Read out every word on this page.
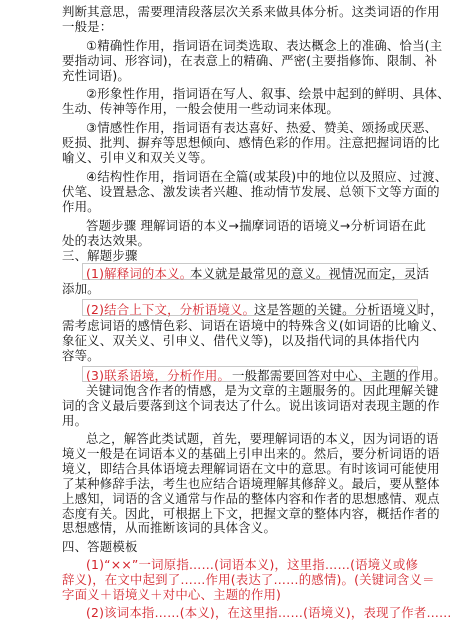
判断其意思，需要理清段落层次关系来做具体分析。这类词语的作用
一般是：
①精确性作用，指词语在词类选取、表达概念上的准确、恰当(主
要指动词、形容词)，在表意上的精确、严密(主要指修饰、限制、补
充性词语)。
②形象性作用，指词语在写人、叙事、绘景中起到的鲜明、具体、
生动、传神等作用，一般会使用一些动词来体现。
③情感性作用，指词语有表达喜好、热爱、赞美、颂扬或厌恶、
贬损、批判、摒弃等思想倾向、感情色彩的作用。注意把握词语的比
喻义、引申义和双关义等。
④结构性作用，指词语在全篇(或某段)中的地位以及照应、过渡、
伏笔、设置悬念、激发读者兴趣、推动情节发展、总领下文等方面的
作用。
答题步骤 理解词语的本义→揣摩词语的语境义→分析词语在此
处的表达效果。
三、解题步骤
(1)解释词的本义。
本义就是最常见的意义。视情况而定，灵活
添加。
(2)结合上下文，分析语境义。
这是答题的关键。分析语境义时，
需考虑词语的感情色彩、词语在语境中的特殊含义(如词语的比喻义、
象征义、双关义、引申义、借代义等)，以及指代词的具体指代内
容等。
(3)联系语境，分析作用。 一般都需要回答对中心、主题的作用。
关键词饱含作者的情感，是为文章的主题服务的。因此理解关键
词的含义最后要落到这个词表达了什么。说出该词语对表现主题的作
用。
总之，解答此类试题，首先，要理解词语的本义，因为词语的语
境义一般是在词语本义的基础上引申出来的。然后，要分析词语的语
境义，即结合具体语境去理解词语在文中的意思。有时该词可能使用
了某种修辞手法，考生也应结合语境理解其修辞义。最后，要从整体
上感知，词语的含义通常与作品的整体内容和作者的思想感情、观点
态度有关。因此，可根据上下文，把握文章的整体内容，概括作者的
思想感情，从而推断该词的具体含义。
四、答题模板
(1)“××”一词原指……(词语本义)，这里指……(语境义或修
辞义)，在文中起到了……作用(表达了……的感情)。(关键词含义＝
字面义＋语境义＋对中心、主题的作用)
(2)该词本指……(本义)，在这里指……(语境义)，表现了作者……
